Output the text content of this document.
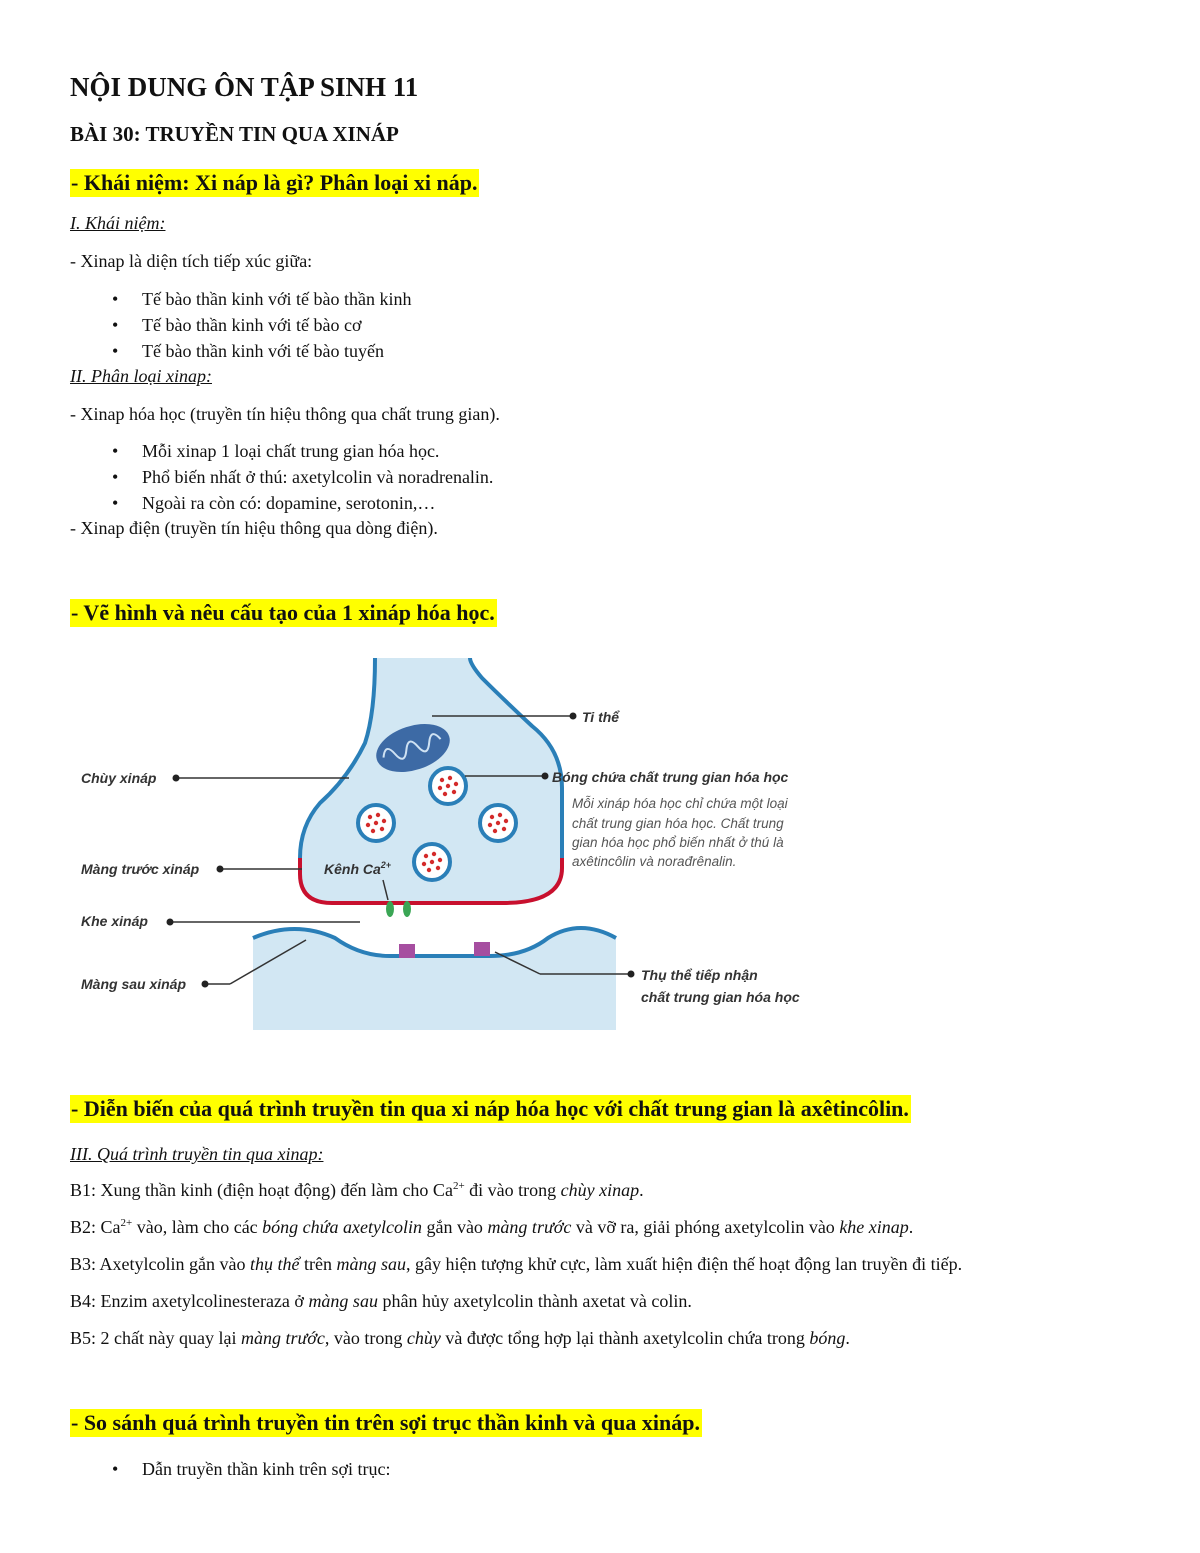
NỘI DUNG ÔN TẬP SINH 11
BÀI 30: TRUYỀN TIN QUA XINÁP
- Khái niệm: Xi náp là gì? Phân loại xi náp.
I. Khái niệm:
- Xinap là diện tích tiếp xúc giữa:
• Tế bào thần kinh với tế bào thần kinh
• Tế bào thần kinh với tế bào cơ
• Tế bào thần kinh với tế bào tuyến
II. Phân loại xinap:
- Xinap hóa học (truyền tín hiệu thông qua chất trung gian).
• Mỗi xinap 1 loại chất trung gian hóa học.
• Phổ biến nhất ở thú: axetylcolin và noradrenalin.
• Ngoài ra còn có: dopamine, serotonin,…
- Xinap điện (truyền tín hiệu thông qua dòng điện).
- Vẽ hình và nêu cấu tạo của 1 xináp hóa học.
Ti thể
Chùy xináp	Bóng chứa chất trung gian hóa học
Mỗi xináp hóa học chỉ chứa một loại
chất trung gian hóa học. Chất trung
gian hóa học phổ biến nhất ở thú là
axêtincôlin và norađrênalin.
Màng trước xináp	Kênh $Ca^{2+}$
Khe xináp
Màng sau xináp
Thụ thể tiếp nhận
chất trung gian hóa học
- Diễn biến của quá trình truyền tin qua xi náp hóa học với chất trung gian là axêtincôlin.
III. Quá trình truyền tin qua xinap:
B1: Xung thần kinh (điện hoạt động) đến làm cho $Ca^{2+}$ đi vào trong chùy xinap.
B2: $Ca^{2+}$ vào, làm cho các bóng chứa axetylcolin gắn vào màng trước và vỡ ra, giải phóng axetylcolin vào khe xinap.
B3: Axetylcolin gắn vào thụ thể trên màng sau, gây hiện tượng khử cực, làm xuất hiện điện thế hoạt động lan truyền đi tiếp.
B4: Enzim axetylcolinesteraza ở màng sau phân hủy axetylcolin thành axetat và colin.
B5: 2 chất này quay lại màng trước, vào trong chùy và được tổng hợp lại thành axetylcolin chứa trong bóng.
- So sánh quá trình truyền tin trên sợi trục thần kinh và qua xináp.
• Dẫn truyền thần kinh trên sợi trục:
